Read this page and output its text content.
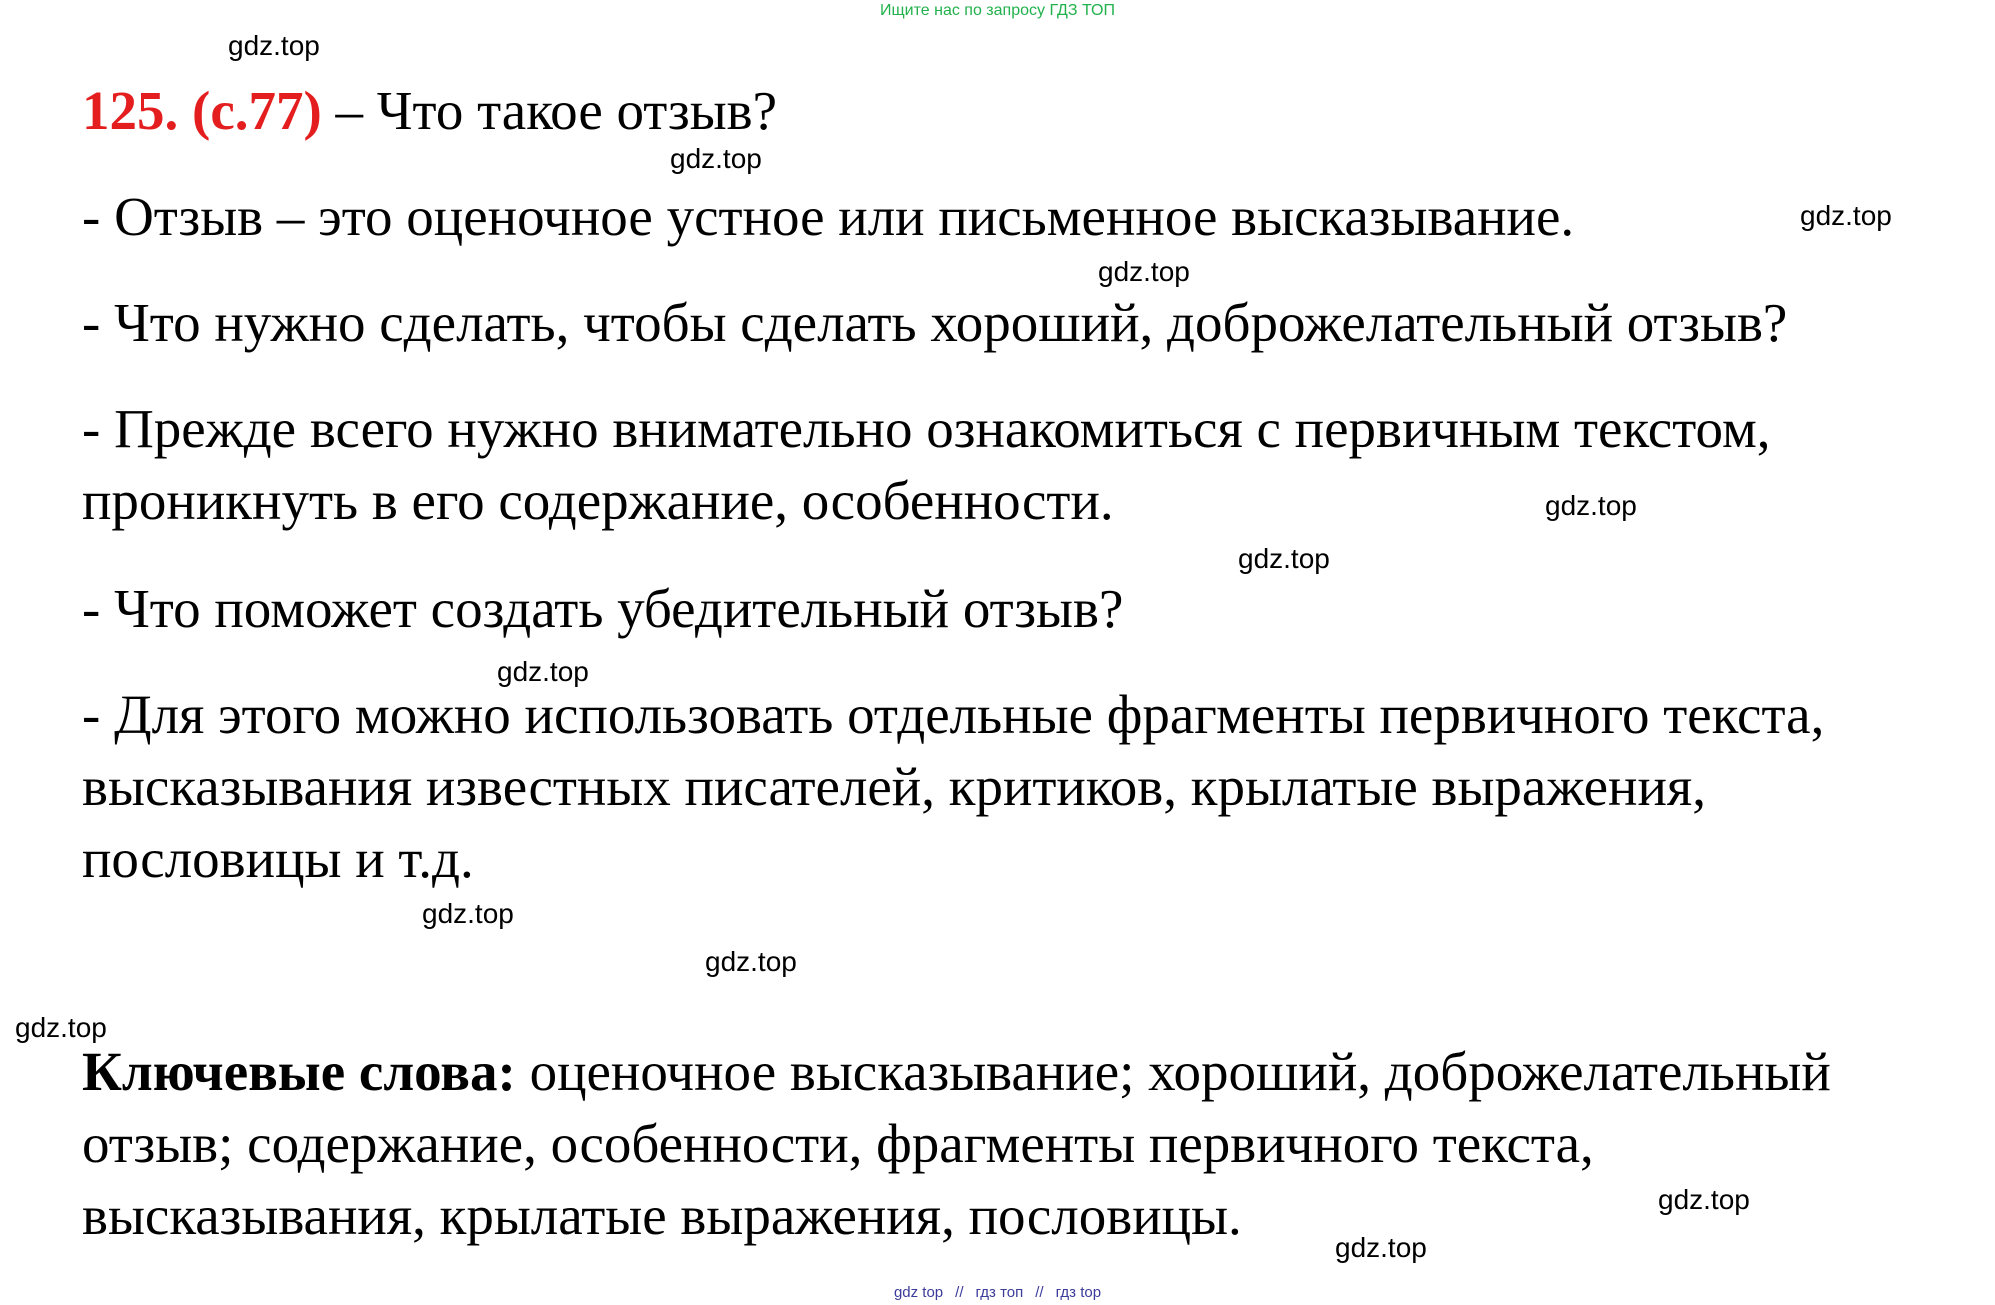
Ищите нас по запросу ГДЗ ТОП
125. (с.77) – Что такое отзыв?
- Отзыв – это оценочное устное или письменное высказывание.
- Что нужно сделать, чтобы сделать хороший, доброжелательный отзыв?
- Прежде всего нужно внимательно ознакомиться с первичным текстом,
проникнуть в его содержание, особенности.
- Что поможет создать убедительный отзыв?
- Для этого можно использовать отдельные фрагменты первичного текста,
высказывания известных писателей, критиков, крылатые выражения,
пословицы и т.д.
Ключевые слова: оценочное высказывание; хороший, доброжелательный
отзыв; содержание, особенности, фрагменты первичного текста,
высказывания, крылатые выражения, пословицы.
gdz.top
gdz.top
gdz.top
gdz.top
gdz.top
gdz.top
gdz.top
gdz.top
gdz.top
gdz.top
gdz.top
gdz.top
gdz top // гдз топ // гдз top
